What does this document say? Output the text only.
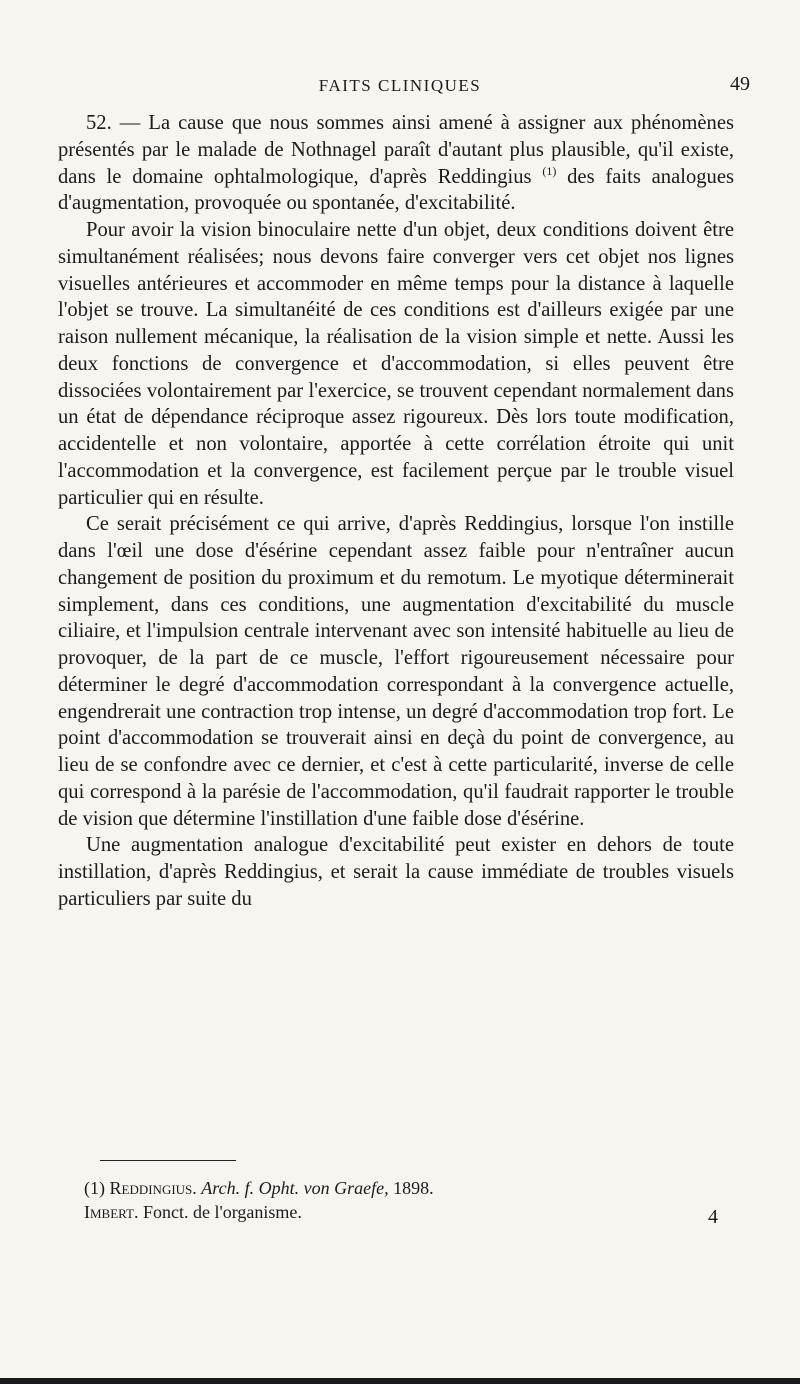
FAITS CLINIQUES	49

52. — La cause que nous sommes ainsi amené à assigner aux phénomènes présentés par le malade de Nothnagel paraît d'autant plus plausible, qu'il existe, dans le domaine ophtalmologique, d'après Reddingius $^{(1)}$ des faits analogues d'augmentation, provoquée ou spontanée, d'excitabilité.

Pour avoir la vision binoculaire nette d'un objet, deux conditions doivent être simultanément réalisées; nous devons faire converger vers cet objet nos lignes visuelles antérieures et accommoder en même temps pour la distance à laquelle l'objet se trouve. La simultanéité de ces conditions est d'ailleurs exigée par une raison nullement mécanique, la réalisation de la vision simple et nette. Aussi les deux fonctions de convergence et d'accommodation, si elles peuvent être dissociées volontairement par l'exercice, se trouvent cependant normalement dans un état de dépendance réciproque assez rigoureux. Dès lors toute modification, accidentelle et non volontaire, apportée à cette corrélation étroite qui unit l'accommodation et la convergence, est facilement perçue par le trouble visuel particulier qui en résulte.

Ce serait précisément ce qui arrive, d'après Reddingius, lorsque l'on instille dans l'œil une dose d'ésérine cependant assez faible pour n'entraîner aucun changement de position du proximum et du remotum. Le myotique déterminerait simplement, dans ces conditions, une augmentation d'excitabilité du muscle ciliaire, et l'impulsion centrale intervenant avec son intensité habituelle au lieu de provoquer, de la part de ce muscle, l'effort rigoureusement nécessaire pour déterminer le degré d'accommodation correspondant à la convergence actuelle, engendrerait une contraction trop intense, un degré d'accommodation trop fort. Le point d'accommodation se trouverait ainsi en deçà du point de convergence, au lieu de se confondre avec ce dernier, et c'est à cette particularité, inverse de celle qui correspond à la parésie de l'accommodation, qu'il faudrait rapporter le trouble de vision que détermine l'instillation d'une faible dose d'ésérine.

Une augmentation analogue d'excitabilité peut exister en dehors de toute instillation, d'après Reddingius, et serait la cause immédiate de troubles visuels particuliers par suite du

(1) Reddingius. Arch. f. Opht. von Graefe, 1898.
Imbert. Fonct. de l'organisme.	4
